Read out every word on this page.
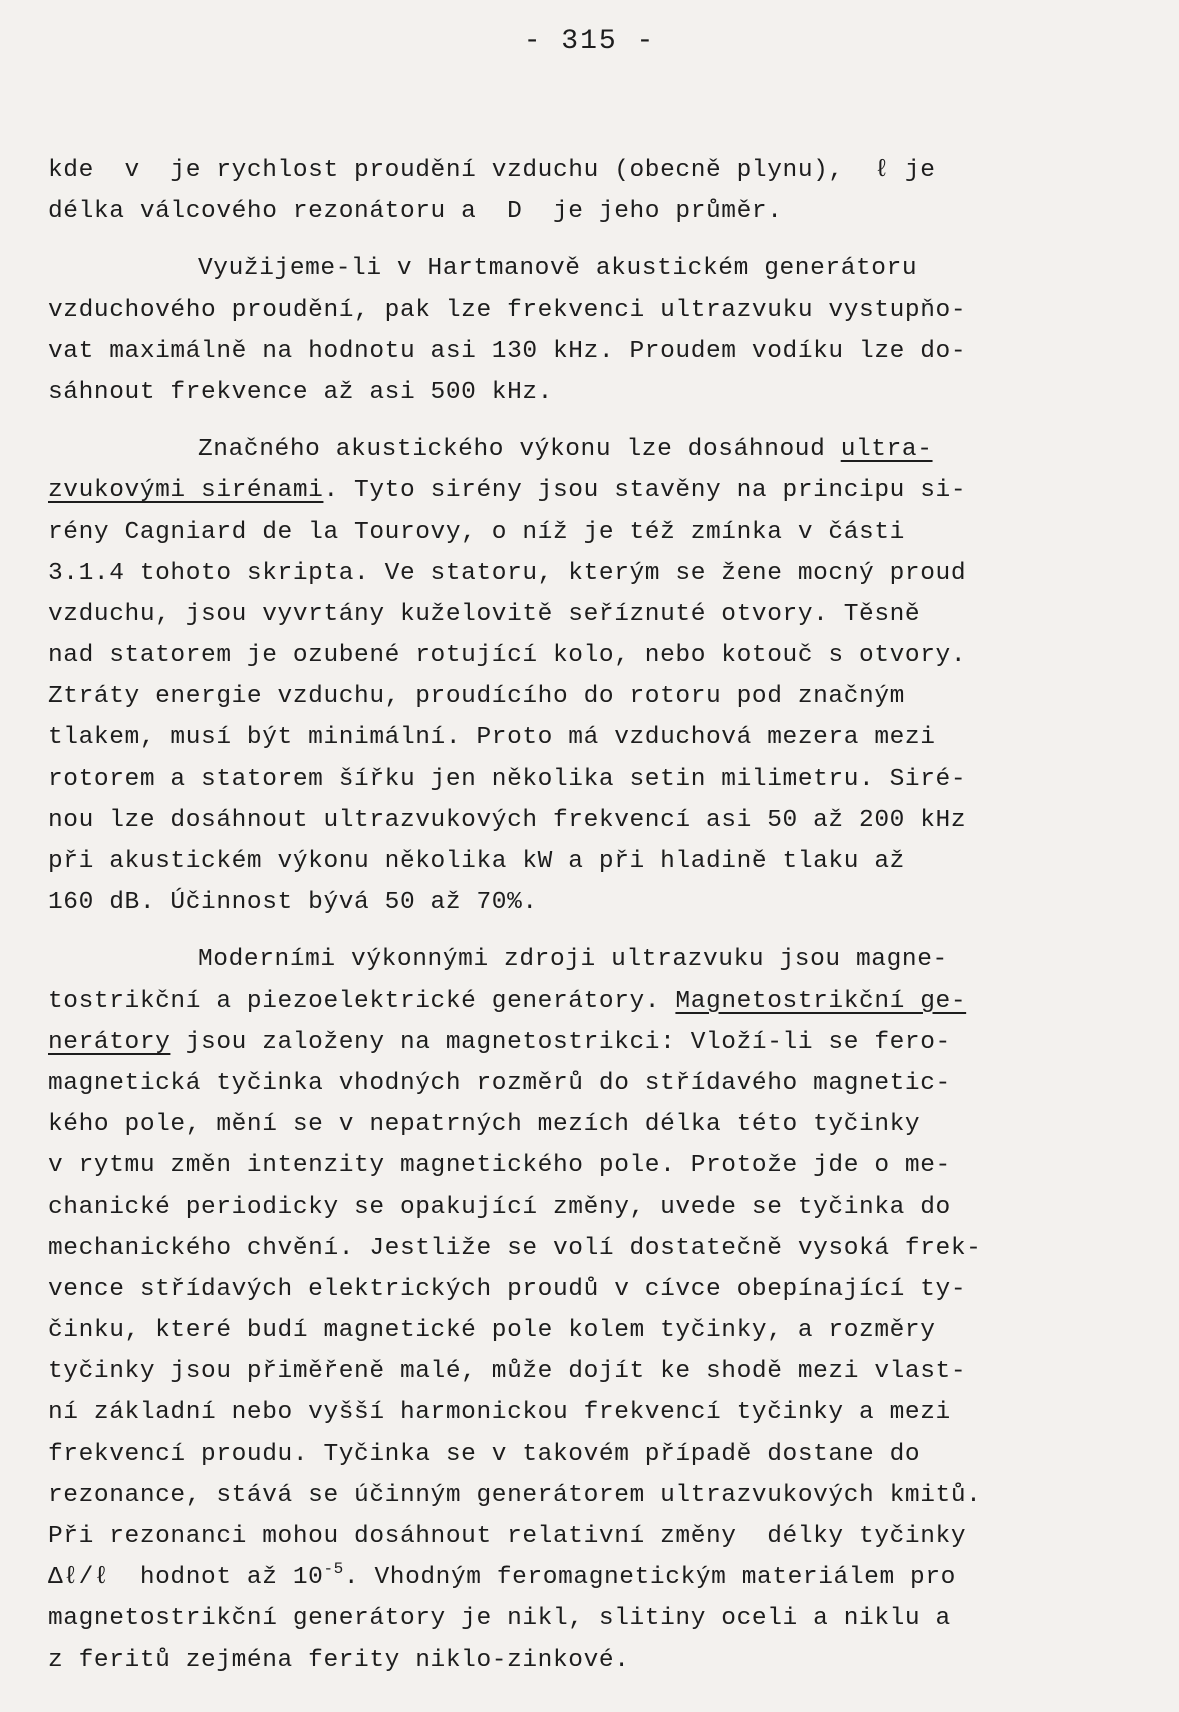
- 315 -
kde  v  je rychlost proudění vzduchu (obecně plynu),  ℓ je
délka válcového rezonátoru a  D  je jeho průměr.
Využijeme-li v Hartmanově akustickém generátoru
vzduchového proudění, pak lze frekvenci ultrazvuku vystupňo-
vat maximálně na hodnotu asi 130 kHz. Proudem vodíku lze do-
sáhnout frekvence až asi 500 kHz.
Značného akustického výkonu lze dosáhnoud ultra-
zvukovými sirénami. Tyto sirény jsou stavěny na principu si-
rény Cagniard de la Tourovy, o níž je též zmínka v části
3.1.4 tohoto skripta. Ve statoru, kterým se žene mocný proud
vzduchu, jsou vyvrtány kuželovitě seříznuté otvory. Těsně
nad statorem je ozubené rotující kolo, nebo kotouč s otvory.
Ztráty energie vzduchu, proudícího do rotoru pod značným
tlakem, musí být minimální. Proto má vzduchová mezera mezi
rotorem a statorem šířku jen několika setin milimetru. Siré-
nou lze dosáhnout ultrazvukových frekvencí asi 50 až 200 kHz
při akustickém výkonu několika kW a při hladině tlaku až
160 dB. Účinnost bývá 50 až 70%.
Moderními výkonnými zdroji ultrazvuku jsou magne-
tostrikční a piezoelektrické generátory. Magnetostrikční ge-
nerátory jsou založeny na magnetostrikci: Vloží-li se fero-
magnetická tyčinka vhodných rozměrů do střídavého magnetic-
kého pole, mění se v nepatrných mezích délka této tyčinky
v rytmu změn intenzity magnetického pole. Protože jde o me-
chanické periodicky se opakující změny, uvede se tyčinka do
mechanického chvění. Jestliže se volí dostatečně vysoká frek-
vence střídavých elektrických proudů v cívce obepínající ty-
činku, které budí magnetické pole kolem tyčinky, a rozměry
tyčinky jsou přiměřeně malé, může dojít ke shodě mezi vlast-
ní základní nebo vyšší harmonickou frekvencí tyčinky a mezi
frekvencí proudu. Tyčinka se v takovém případě dostane do
rezonance, stává se účinným generátorem ultrazvukových kmitů.
Při rezonanci mohou dosáhnout relativní změny  délky tyčinky
Δℓ/ℓ  hodnot až $10^{-5}$. Vhodným feromagnetickým materiálem pro
magnetostrikční generátory je nikl, slitiny oceli a niklu a
z feritů zejména ferity niklo-zinkové.
